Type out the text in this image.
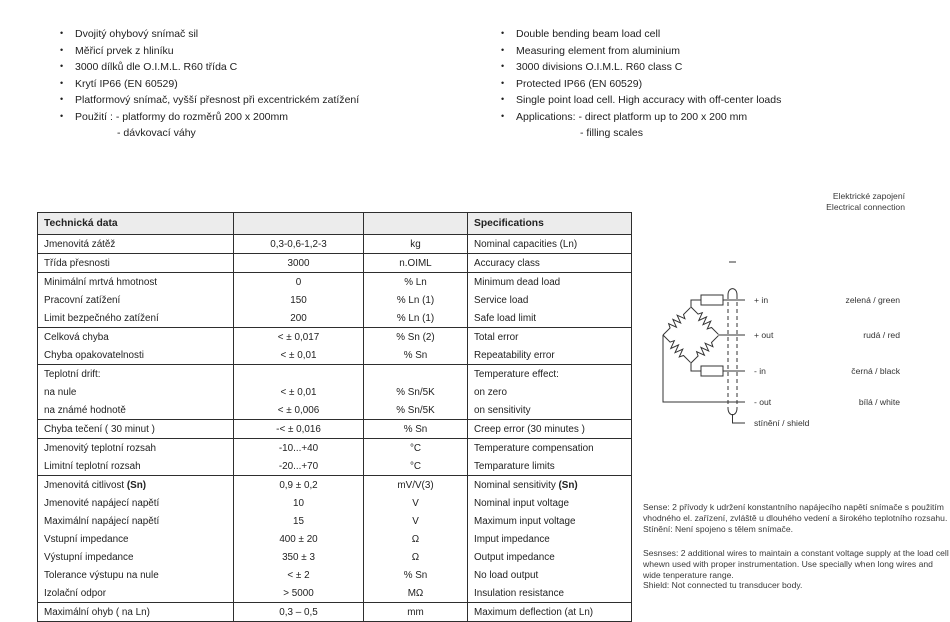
• Dvojitý ohybový snímač sil
• Měřicí prvek z hliníku
• 3000 dílků dle O.I.M.L. R60 třída C
• Krytí IP66 (EN 60529)
• Platformový snímač, vyšší přesnost při excentrickém zatížení
• Použití : - platformy do rozměrů 200 x 200mm
- dávkovací váhy
• Double bending beam load cell
• Measuring element from aluminium
• 3000 divisions O.I.M.L. R60 class C
• Protected IP66 (EN 60529)
• Single point load cell. High accuracy with off-center loads
• Applications: - direct platform up to 200 x 200 mm
- filling scales
Technická data			Specifications
Jmenovitá zátěž	0,3-0,6-1,2-3	kg	Nominal capacities (Ln)
Třída přesnosti	3000	n.OIML	Accuracy class
Minimální mrtvá hmotnost	0	% Ln	Minimum dead load
Pracovní zatížení	150	% Ln (1)	Service load
Limit bezpečného zatížení	200	% Ln (1)	Safe load limit
Celková chyba	< ± 0,017	% Sn (2)	Total error
Chyba opakovatelnosti	< ± 0,01	% Sn	Repeatability error
Teplotní drift:			Temperature effect:
na nule	< ± 0,01	% Sn/5K	on zero
na známé hodnotě	< ± 0,006	% Sn/5K	on sensitivity
Chyba tečení ( 30 minut )	-< ± 0,016	% Sn	Creep error (30 minutes )
Jmenovitý teplotní rozsah	-10...+40	°C	Temperature compensation
Limitní teplotní rozsah	-20...+70	°C	Temparature limits
Jmenovitá citlivost (Sn)	0,9 ± 0,2	mV/V(3)	Nominal sensitivity (Sn)
Jmenovité napájecí napětí	10	V	Nominal input voltage
Maximální napájecí napětí	15	V	Maximum input voltage
Vstupní impedance	400 ± 20	Ω	Imput impedance
Výstupní impedance	350 ± 3	Ω	Output impedance
Tolerance výstupu na nule	< ± 2	% Sn	No load output
Izolační odpor	> 5000	MΩ	Insulation resistance
Maximální ohyb ( na Ln)	0,3 – 0,5	mm	Maximum deflection (at Ln)
Elektrické zapojení
Electrical connection
+ in
+ out
- in
- out
stínění / shield
zelená / green
rudá / red
černá / black
bílá / white
Sense: 2 přívody k udržení konstantního napájecího napětí snímače s použitím vhodného el. zařízení, zvláště u dlouhého vedení a širokého teplotního rozsahu.
Stínění: Není spojeno s tělem snímače.
Sesnses: 2 additional wires to maintain a constant voltage supply at the load cell whewn used with proper instrumentation. Use specially when long wires and wide tenperature range.
Shield: Not connected tu transducer body.
